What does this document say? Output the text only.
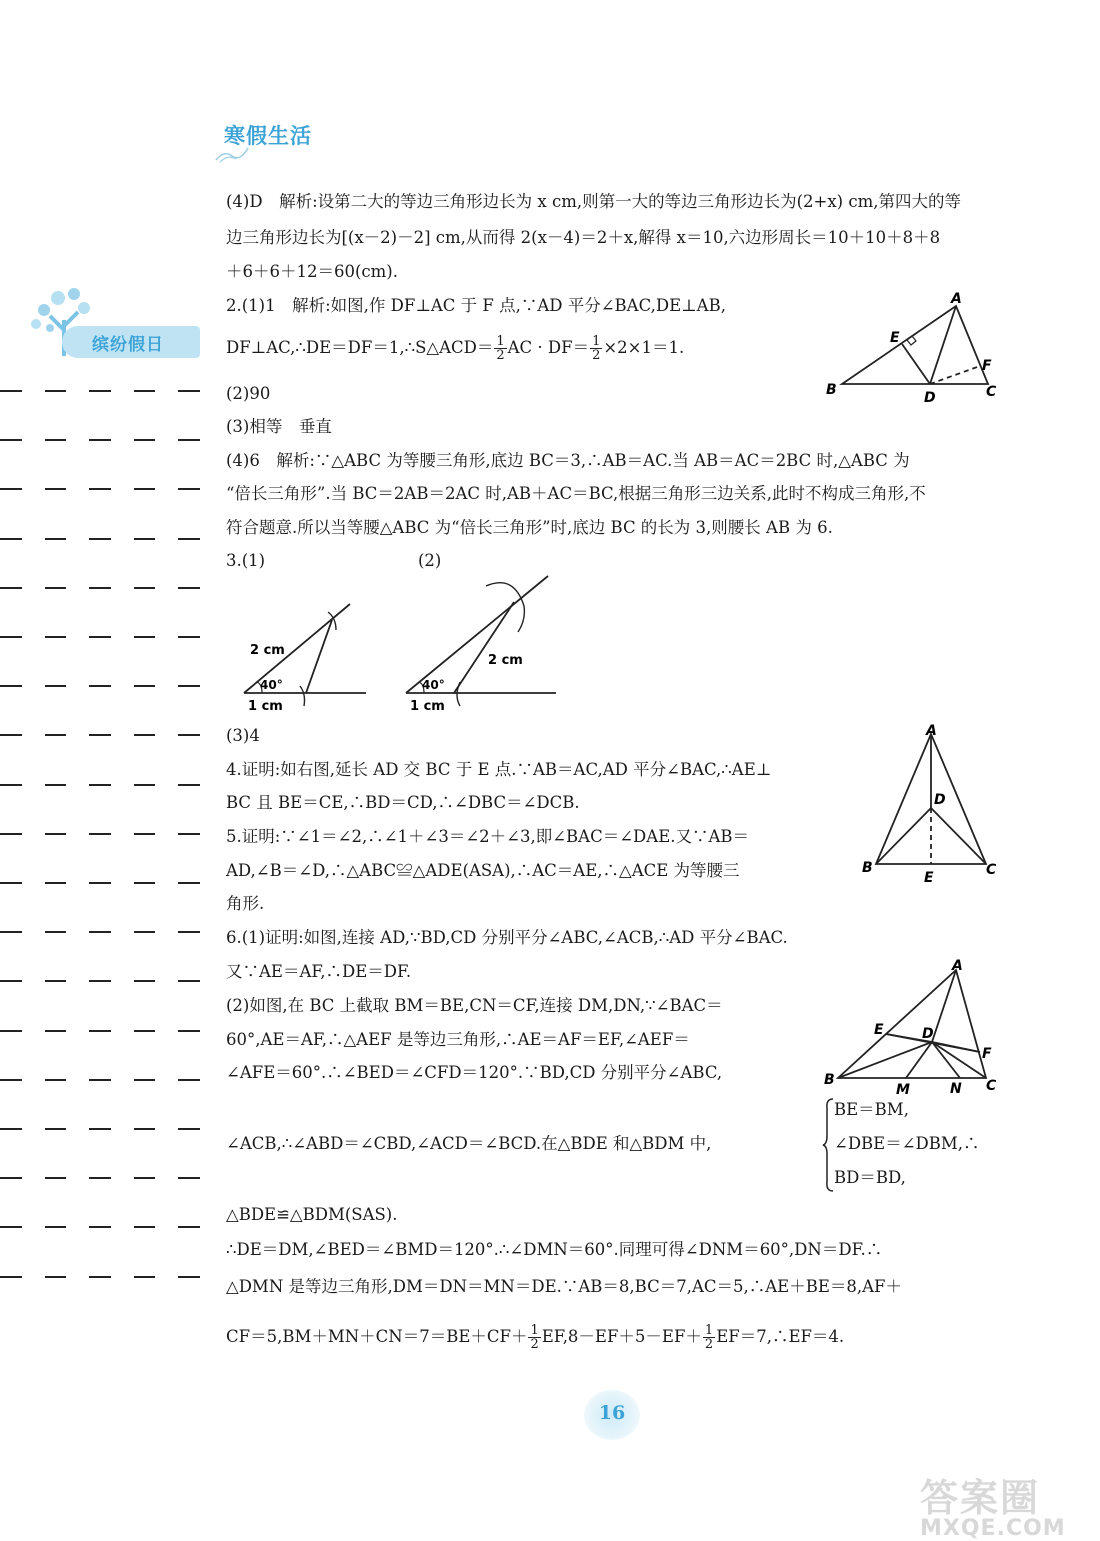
寒假生活
缤纷假日
(4)D　解析:设第二大的等边三角形边长为 x cm,则第一大的等边三角形边长为(2+x) cm,第四大的等
边三角形边长为[(x－2)－2] cm,从而得 2(x－4)＝2＋x,解得 x＝10,六边形周长＝10＋10＋8＋8
＋6＋6＋12＝60(cm).
2.(1)1　解析:如图,作 DF⊥AC 于 F 点,∵AD 平分∠BAC,DE⊥AB,
DF⊥AC,∴DE＝DF＝1,∴S△ACD＝ $\frac{1}{2}$ AC · $DF= \frac{1}{2} \times 2\times 1=1$.
(2)90
(3)相等　垂直
(4)6　解析:∵△ABC 为等腰三角形,底边 BC＝3,∴AB＝AC.当 AB＝AC＝2BC 时,△ABC 为
“倍长三角形”.当 BC＝2AB＝2AC 时,AB＋AC＝BC,根据三角形三边关系,此时不构成三角形,不
符合题意.所以当等腰△ABC 为“倍长三角形”时,底边 BC 的长为 3,则腰长 AB 为 6.
3.(1)	(2)
(3)4
4.证明:如右图,延长 AD 交 BC 于 E 点.∵AB＝AC,AD 平分∠BAC,∴AE⊥
BC 且 BE＝CE,∴BD＝CD,∴∠DBC＝∠DCB.
5.证明:∵∠1＝∠2,∴∠1＋∠3＝∠2＋∠3,即∠BAC＝∠DAE.又∵AB＝
AD,∠B＝∠D,∴△ABC≌△ADE(ASA),∴AC＝AE,∴△ACE 为等腰三
角形.
6.(1)证明:如图,连接 AD,∵BD,CD 分别平分∠ABC,∠ACB,∴AD 平分∠BAC.
又∵AE＝AF,∴DE＝DF.
(2)如图,在 BC 上截取 BM＝BE,CN＝CF,连接 DM,DN,∵∠BAC＝
60°,AE＝AF,∴△AEF 是等边三角形,∴AE＝AF＝EF,∠AEF＝
∠AFE＝60°.∴∠BED＝∠CFD＝120°.∵BD,CD 分别平分∠ABC,
∠ACB,∴∠ABD＝∠CBD,∠ACD＝∠BCD.在△BDE 和△BDM 中,
BE＝BM,
∠DBE＝∠DBM,∴
BD＝BD,
△BDE≌△BDM(SAS).
∴DE＝DM,∠BED＝∠BMD＝120°.∴∠DMN＝60°.同理可得∠DNM＝60°,DN＝DF.∴
△DMN 是等边三角形,DM＝DN＝MN＝DE.∵AB＝8,BC＝7,AC＝5,∴AE＋BE＝8,AF＋
$CF=5,BM+MN+CN=7=BE+CF+ \frac{1}{2} EF,8-EF+5-EF+ \frac{1}{2}$ EF＝7,∴EF＝4.
A
E
F
B	D	C
2 cm
40°
1 cm
2 cm
40°
1 cm
A
D
B
E	C
A
E	D
F
B
M	N C
16
答案圈
MXQE.COM
